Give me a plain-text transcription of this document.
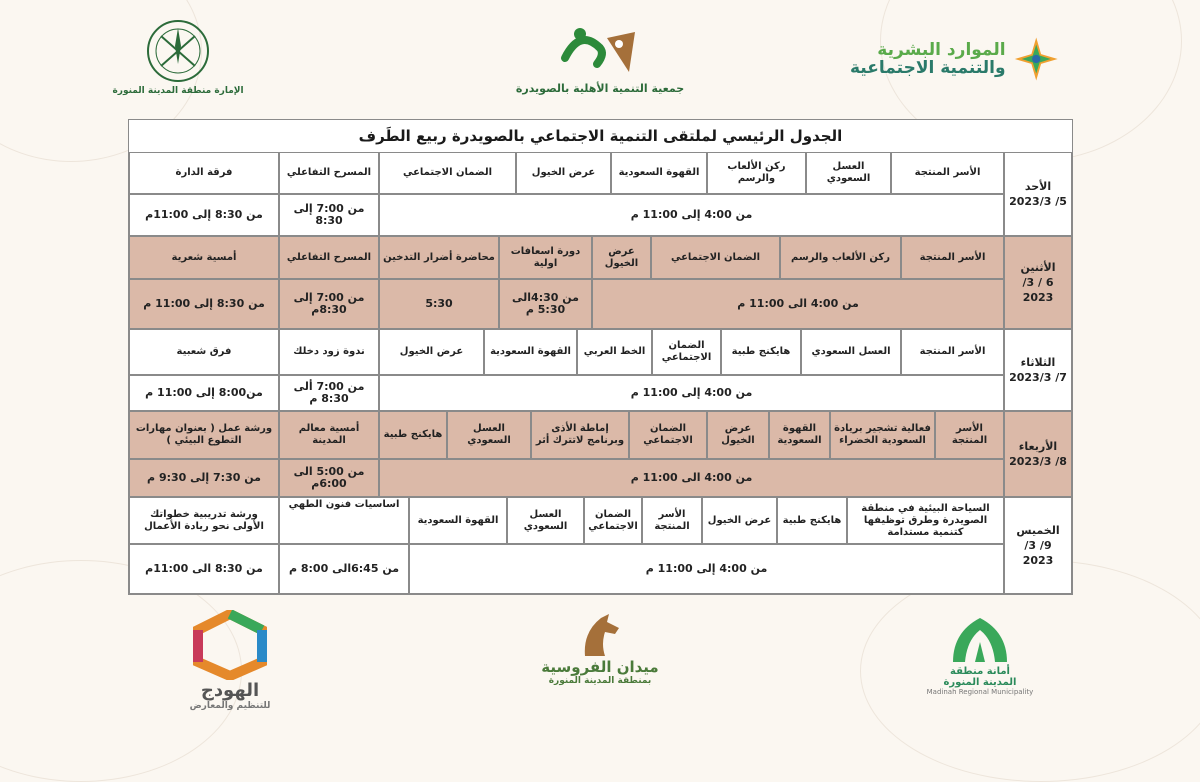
الإمارة منطقة المدينة المنورة	جمعية التنمية الأهلية بالصويدرة
الموارد البشرية
والتنمية الاجتماعية
الجدول الرئيسي لملتقى التنمية الاجتماعي بالصويدرة ربيع الطَرف
الأحد
5/ 2023/3
الأثنين
6 / 3/ 2023
الثلاثاء
7/ 2023/3
الأربعاء
8/ 2023/3
الخميس
9/ 3/ 2023
الأسر المنتجة
العسل السعودي
ركن الألعاب والرسم
القهوة السعودية
عرض الخيول
الضمان الاجتماعي
المسرح التفاعلي
فرقة الدارة
من 4:00 إلى 11:00 م
من 7:00 إلى 8:30
من 8:30 إلى 11:00م
الأسر المنتجة
ركن الألعاب والرسم
الضمان الاجتماعي
عرض الخيول
دورة اسعافات اولية
محاضرة أضرار التدخين
المسرح التفاعلي
أمسية شعرية
من 4:00 الى 11:00 م
من 4:30الى 5:30 م
5:30
من 7:00 إلى 8:30م
من 8:30 إلى 11:00 م
الأسر المنتجة
العسل السعودي
هايكنج طبية
الضمان الاجتماعي
الخط العربي
القهوة السعودية
عرض الخيول
ندوة زود دخلك
فرق شعبية
من 4:00 إلى 11:00 م
من 7:00 ألى 8:30 م
من8:00 إلى 11:00 م
الأسر المنتجة
فعالية تشجير بريادة السعودية الخضراء
القهوة السعودية
عرض الخيول
الضمان الاجتماعي
إماطة الأذى وبرنامج لاتترك أثر
العسل السعودي
هايكنج طبية
أمسية معالم المدينة
ورشة عمل ( بعنوان مهارات التطوع البيئي )
من 4:00 الى 11:00 م
من 5:00 الى 6:00م
من 7:30 إلى 9:30 م
السياحة البيئية في منطقة الصويدرة وطرق توظيفها كتنمية مستدامة
هايكنج طبية
عرض الخيول
الأسر المنتجة
الضمان الاجتماعي
العسل السعودي
القهوة السعودية
اساسيات فنون الطهي
ورشة تدريبية خطواتك الأولى نحو ريادة الأعمال
من 4:00 إلى 11:00 م
من 6:45الى 8:00 م
من 8:30 الى 11:00م
الهودج
للتنظيم والمعارض
ميدان الفروسية
بمنطقة المدينة المنورة
أمانة منطقة
المدينة المنورة
Madinah Regional Municipality
